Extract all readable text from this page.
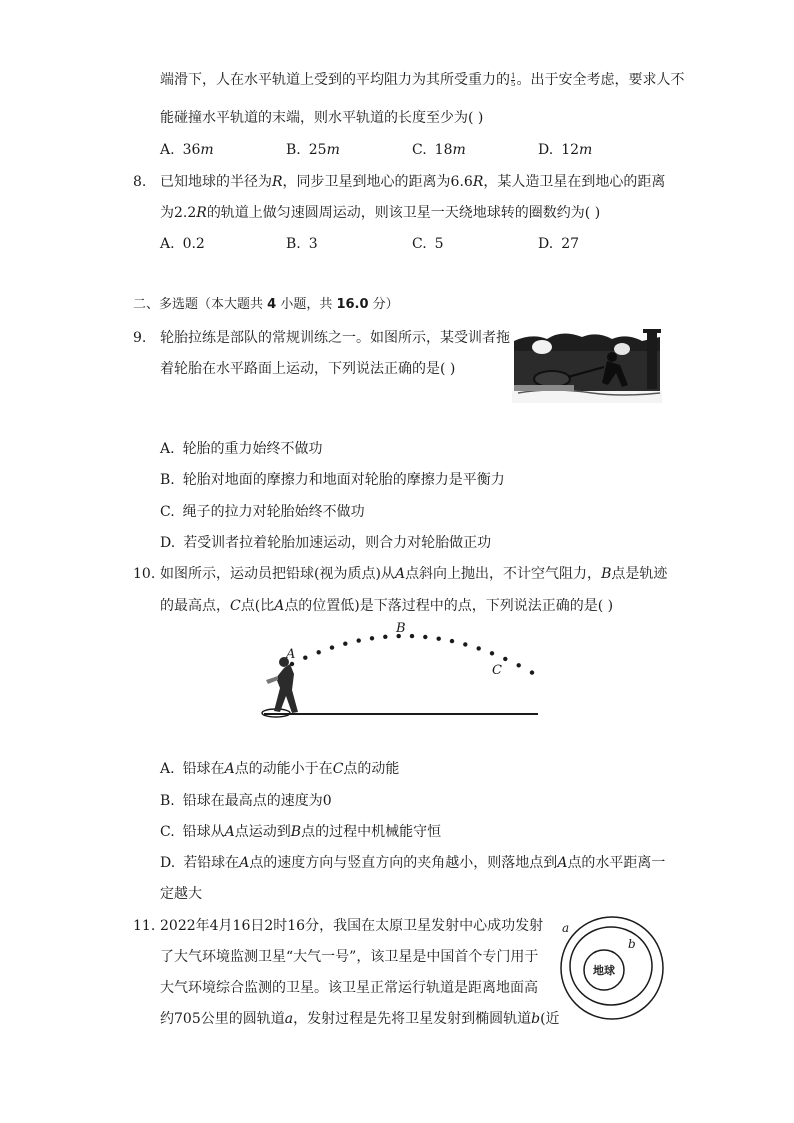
端滑下，人在水平轨道上受到的平均阻力为其所受重力的 $\frac{1}{5}$ 。出于安全考虑，要求人不
能碰撞水平轨道的末端，则水平轨道的长度至少为( )
A. 36m	B. 25m	C. 18m	D. 12m
8. 已知地球的半径为R，同步卫星到地心的距离为6.6R，某人造卫星在到地心的距离
为2.2R的轨道上做匀速圆周运动，则该卫星一天绕地球转的圈数约为( )
A. 0.2	B. 3	C. 5	D. 27
二、多选题（本大题共 4 小题，共 16.0 分）
9. 轮胎拉练是部队的常规训练之一。如图所示，某受训者拖
着轮胎在水平路面上运动，下列说法正确的是( )
A. 轮胎的重力始终不做功
B. 轮胎对地面的摩擦力和地面对轮胎的摩擦力是平衡力
C. 绳子的拉力对轮胎始终不做功
D. 若受训者拉着轮胎加速运动，则合力对轮胎做正功
10. 如图所示，运动员把铅球(视为质点)从A点斜向上抛出，不计空气阻力，B点是轨迹
的最高点，C点(比A点的位置低)是下落过程中的点，下列说法正确的是( )
A
B
C
A. 铅球在A点的动能小于在C点的动能
B. 铅球在最高点的速度为0
C. 铅球从A点运动到B点的过程中机械能守恒
D. 若铅球在A点的速度方向与竖直方向的夹角越小，则落地点到A点的水平距离一
定越大
11. 2022年4月16日2时16分，我国在太原卫星发射中心成功发射
了大气环境监测卫星“大气一号”，该卫星是中国首个专门用于
大气环境综合监测的卫星。该卫星正常运行轨道是距离地面高
约705公里的圆轨道a，发射过程是先将卫星发射到椭圆轨道b(近
地球
a
b
